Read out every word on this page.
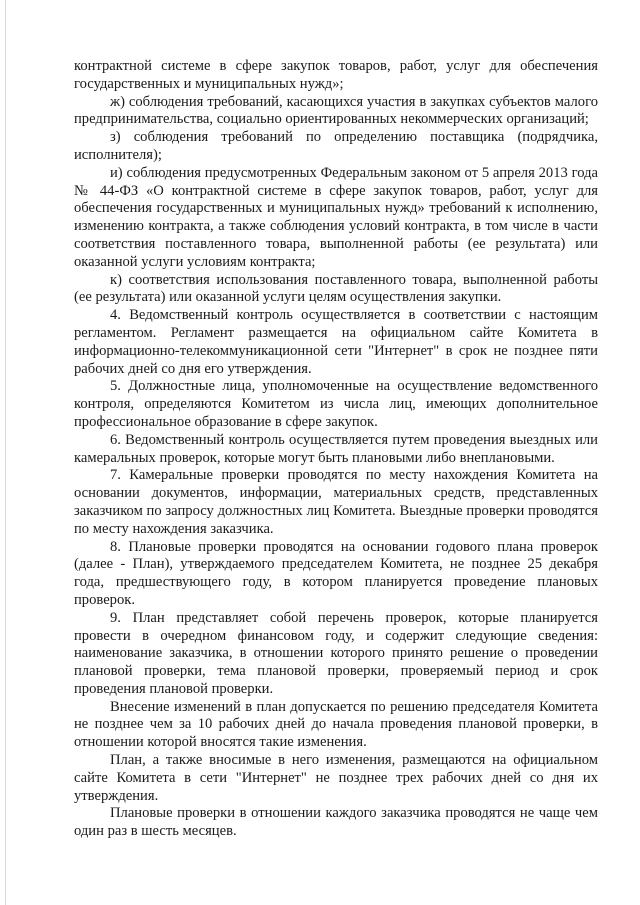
контрактной системе в сфере закупок товаров, работ, услуг для обеспечения государственных и муниципальных нужд»;

ж) соблюдения требований, касающихся участия в закупках субъектов малого предпринимательства, социально ориентированных некоммерческих организаций;

з) соблюдения требований по определению поставщика (подрядчика, исполнителя);

и) соблюдения предусмотренных Федеральным законом от 5 апреля 2013 года № 44-ФЗ «О контрактной системе в сфере закупок товаров, работ, услуг для обеспечения государственных и муниципальных нужд» требований к исполнению, изменению контракта, а также соблюдения условий контракта, в том числе в части соответствия поставленного товара, выполненной работы (ее результата) или оказанной услуги условиям контракта;

к) соответствия использования поставленного товара, выполненной работы (ее результата) или оказанной услуги целям осуществления закупки.

4. Ведомственный контроль осуществляется в соответствии с настоящим регламентом. Регламент размещается на официальном сайте Комитета в информационно-телекоммуникационной сети "Интернет" в срок не позднее пяти рабочих дней со дня его утверждения.

5. Должностные лица, уполномоченные на осуществление ведомственного контроля, определяются Комитетом из числа лиц, имеющих дополнительное профессиональное образование в сфере закупок.

6. Ведомственный контроль осуществляется путем проведения выездных или камеральных проверок, которые могут быть плановыми либо внеплановыми.

7. Камеральные проверки проводятся по месту нахождения Комитета на основании документов, информации, материальных средств, представленных заказчиком по запросу должностных лиц Комитета. Выездные проверки проводятся по месту нахождения заказчика.

8. Плановые проверки проводятся на основании годового плана проверок (далее - План), утверждаемого председателем Комитета, не позднее 25 декабря года, предшествующего году, в котором планируется проведение плановых проверок.

9. План представляет собой перечень проверок, которые планируется провести в очередном финансовом году, и содержит следующие сведения: наименование заказчика, в отношении которого принято решение о проведении плановой проверки, тема плановой проверки, проверяемый период и срок проведения плановой проверки.

Внесение изменений в план допускается по решению председателя Комитета не позднее чем за 10 рабочих дней до начала проведения плановой проверки, в отношении которой вносятся такие изменения.

План, а также вносимые в него изменения, размещаются на официальном сайте Комитета в сети "Интернет" не позднее трех рабочих дней со дня их утверждения.

Плановые проверки в отношении каждого заказчика проводятся не чаще чем один раз в шесть месяцев.
